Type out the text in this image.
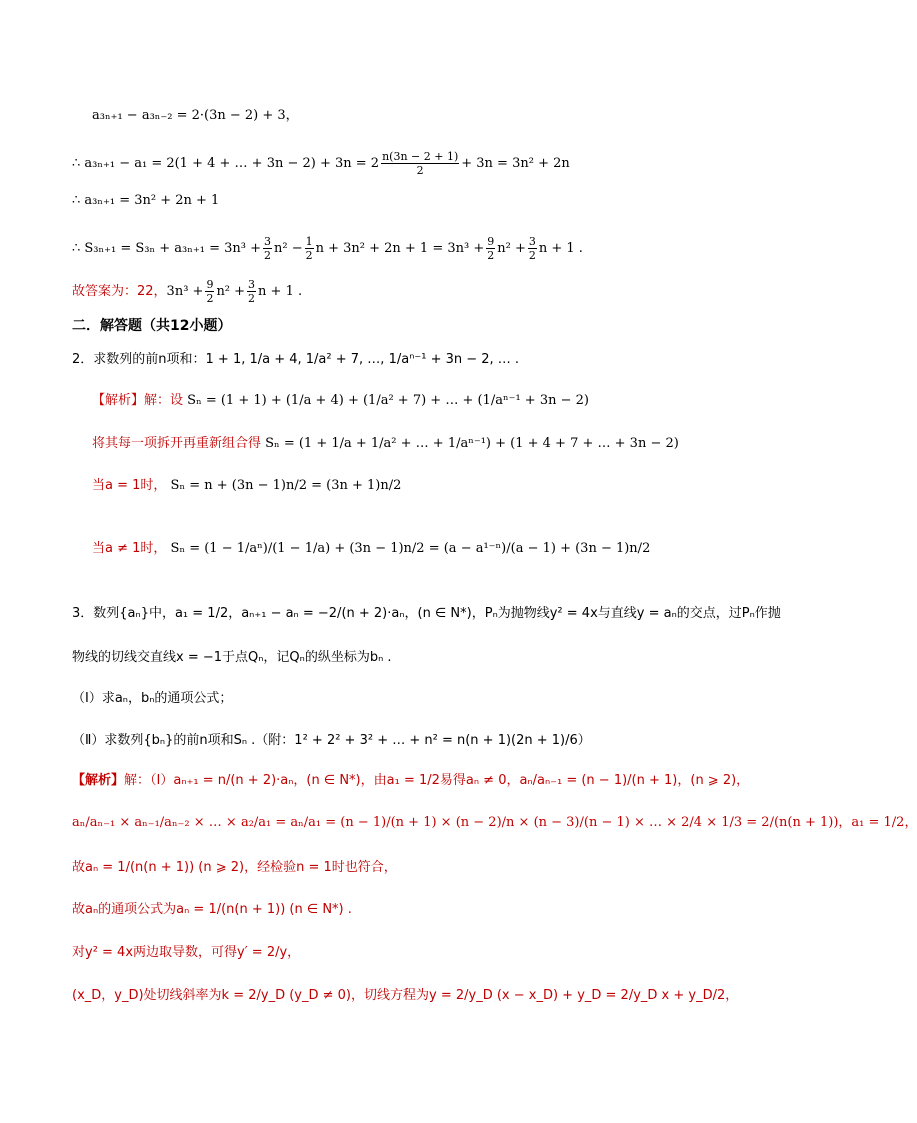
a₃ₙ₊₁ − a₃ₙ₋₂ = 2·(3n − 2) + 3，
∴ a₃ₙ₊₁ − a₁ = 2(1 + 4 + … + $3n - 2) + 3n = 2 \frac{n(3n - 2 + 1)}{2} + 3n = 3n^2 + 2n$
∴ a₃ₙ₊₁ = 3n² + 2n + 1
∴ $S_{3n+1} = S_{3n} + a_{3n+1} = 3n^3 + \frac{3}{2} n^2 - \frac{1}{2}$ $n + 3n^2 + 2n + 1 = 3n^3 + \frac{9}{2} n^2 + \frac{3}{2}$ n + 1 .
故答案为：22，$3n^3 + \frac{9}{2} n^2 + \frac{3}{2}$ n + 1 .
二．解答题（共12小题）
2．求数列的前n项和：1 + 1, 1/a + 4, 1/a² + 7, …, 1/aⁿ⁻¹ + 3n − 2, … .
【解析】解：设 Sₙ = (1 + 1) + (1/a + 4) + (1/a² + 7) + … + (1/aⁿ⁻¹ + 3n − 2)
将其每一项拆开再重新组合得 Sₙ = (1 + 1/a + 1/a² + … + 1/aⁿ⁻¹) + (1 + 4 + 7 + … + 3n − 2)
当a = 1时， Sₙ = n + (3n − 1)n/2 = (3n + 1)n/2
当a ≠ 1时， Sₙ = (1 − 1/aⁿ)/(1 − 1/a) + (3n − 1)n/2 = (a − a¹⁻ⁿ)/(a − 1) + (3n − 1)n/2
3．数列{aₙ}中，a₁ = 1/2，aₙ₊₁ − aₙ = −2/(n + 2)·aₙ，(n ∈ N*)，Pₙ为抛物线y² = 4x与直线y = aₙ的交点，过Pₙ作抛
物线的切线交直线x = −1于点Qₙ，记Qₙ的纵坐标为bₙ .
（Ⅰ）求aₙ，bₙ的通项公式；
（Ⅱ）求数列{bₙ}的前n项和Sₙ .（附：1² + 2² + 3² + … + n² = n(n + 1)(2n + 1)/6）
【解析】解：（Ⅰ）aₙ₊₁ = n/(n + 2)·aₙ，(n ∈ N*)，由a₁ = 1/2易得aₙ ≠ 0，aₙ/aₙ₋₁ = (n − 1)/(n + 1)，(n ⩾ 2)，
aₙ/aₙ₋₁ × aₙ₋₁/aₙ₋₂ × … × a₂/a₁ = aₙ/a₁ = (n − 1)/(n + 1) × (n − 2)/n × (n − 3)/(n − 1) × … × 2/4 × 1/3 = 2/(n(n + 1))，a₁ = 1/2，
故aₙ = 1/(n(n + 1)) (n ⩾ 2)，经检验n = 1时也符合，
故aₙ的通项公式为aₙ = 1/(n(n + 1)) (n ∈ N*) .
对y² = 4x两边取导数，可得y′ = 2/y，
(x_D，y_D)处切线斜率为k = 2/y_D (y_D ≠ 0)，切线方程为y = 2/y_D (x − x_D) + y_D = 2/y_D x + y_D/2，
